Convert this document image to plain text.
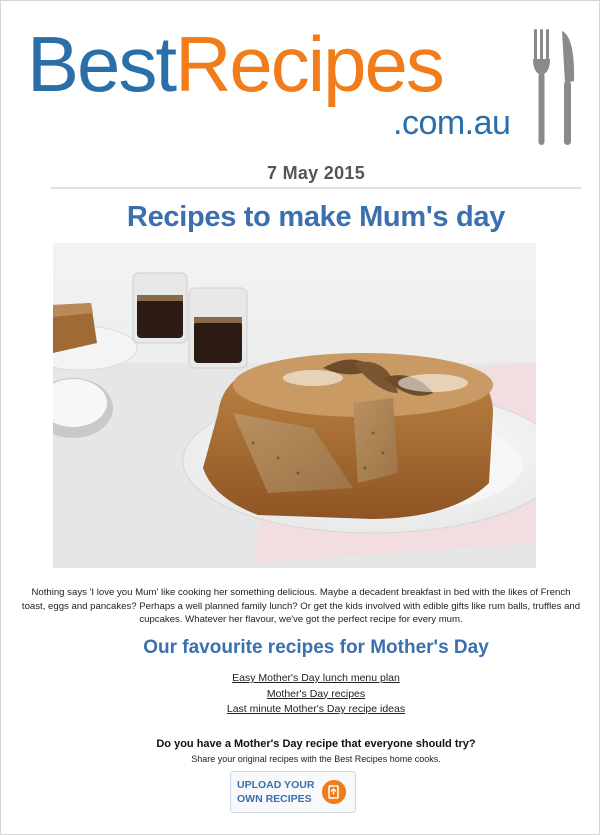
BestRecipes
.com.au
7 May 2015
Recipes to make Mum's day
Nothing says 'I love you Mum' like cooking her something delicious. Maybe a decadent breakfast in bed with the likes of French toast, eggs and pancakes? Perhaps a well planned family lunch? Or get the kids involved with edible gifts like rum balls, truffles and cupcakes. Whatever her flavour, we've got the perfect recipe for every mum.
Our favourite recipes for Mother's Day
Easy Mother's Day lunch menu plan
Mother's Day recipes
Last minute Mother's Day recipe ideas
Do you have a Mother's Day recipe that everyone should try?
Share your original recipes with the Best Recipes home cooks.
UPLOAD YOUR
OWN RECIPES
